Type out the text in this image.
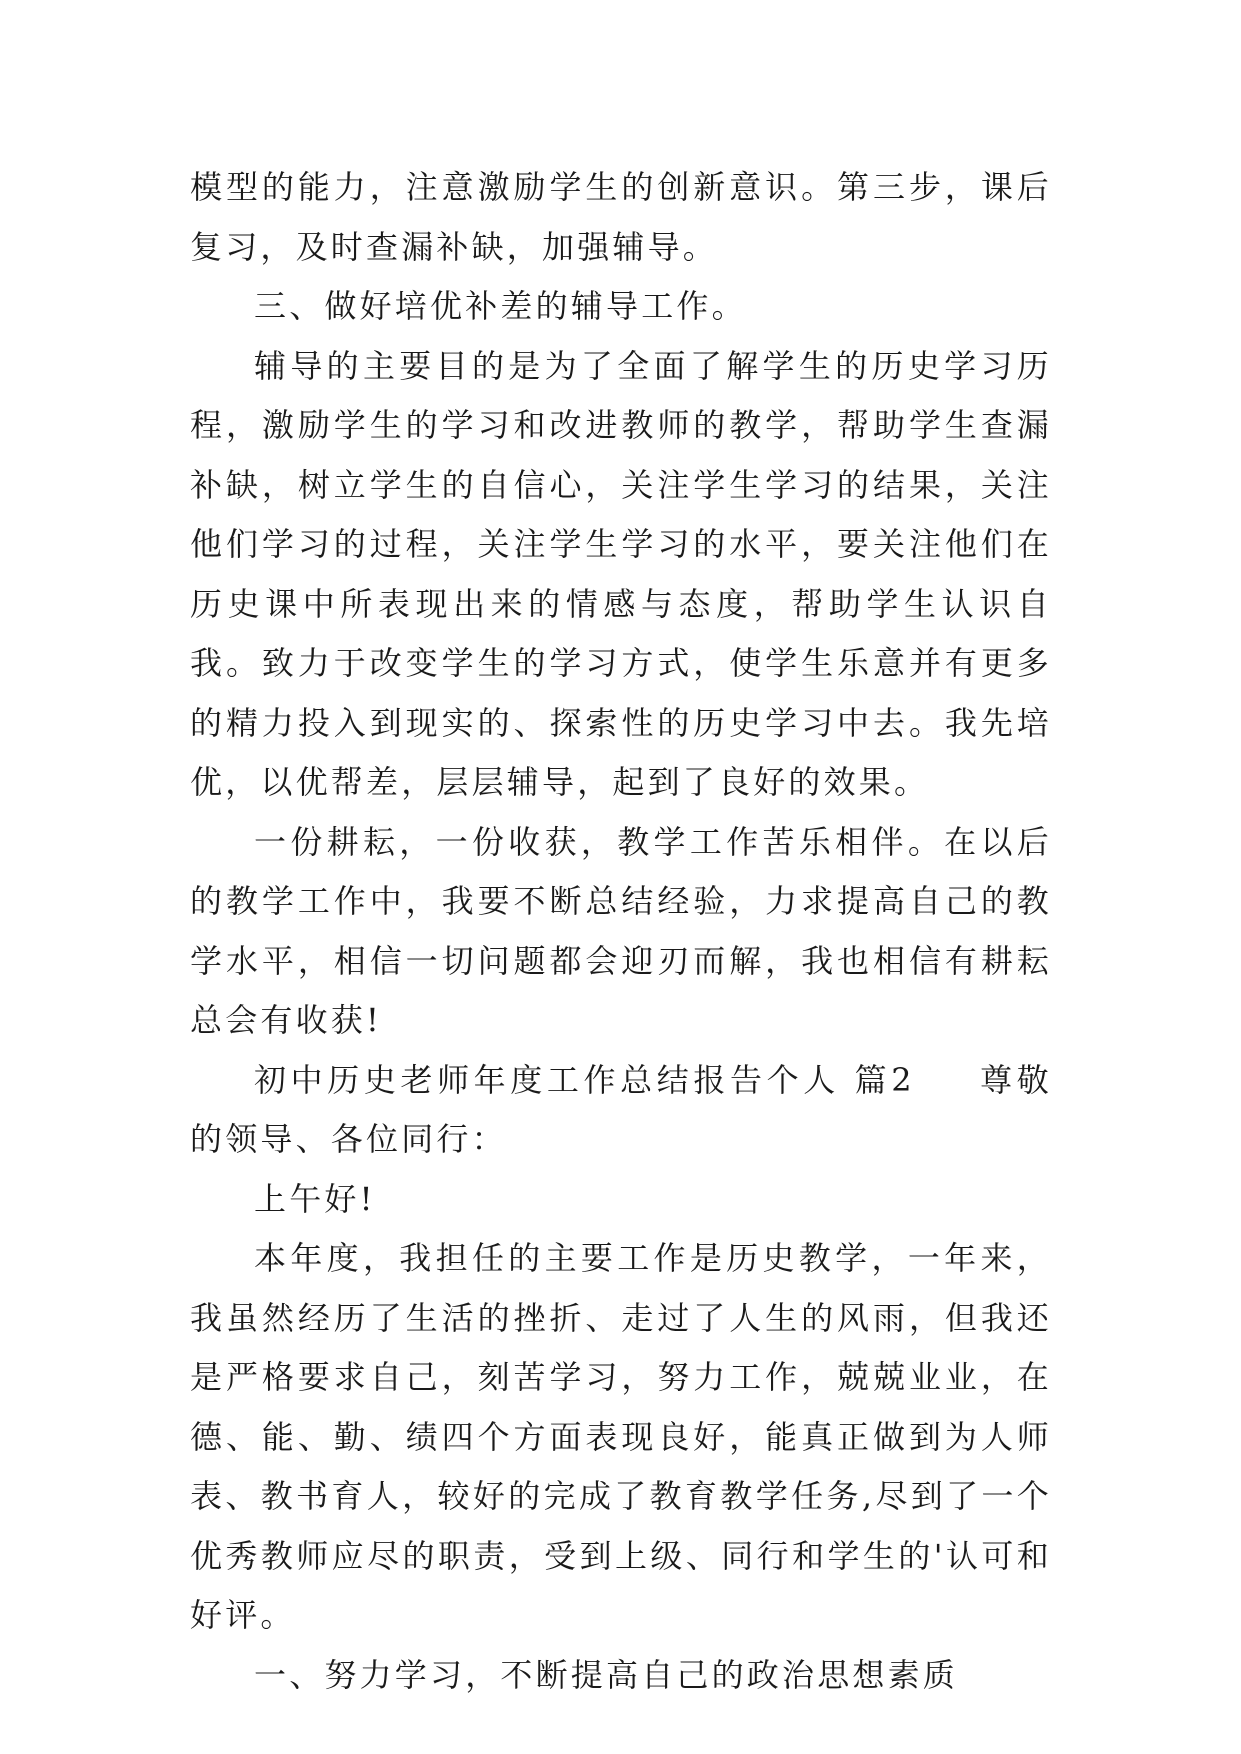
模型的能力，注意激励学生的创新意识。第三步，课后复习，及时查漏补缺，加强辅导。

三、做好培优补差的辅导工作。

辅导的主要目的是为了全面了解学生的历史学习历程，激励学生的学习和改进教师的教学，帮助学生查漏补缺，树立学生的自信心，关注学生学习的结果，关注他们学习的过程，关注学生学习的水平，要关注他们在历史课中所表现出来的情感与态度，帮助学生认识自我。致力于改变学生的学习方式，使学生乐意并有更多的精力投入到现实的、探索性的历史学习中去。我先培优，以优帮差，层层辅导，起到了良好的效果。

一份耕耘，一份收获，教学工作苦乐相伴。在以后的教学工作中，我要不断总结经验，力求提高自己的教学水平，相信一切问题都会迎刃而解，我也相信有耕耘总会有收获!

初中历史老师年度工作总结报告个人 篇2 尊敬的领导、各位同行：

上午好!

本年度，我担任的主要工作是历史教学，一年来，我虽然经历了生活的挫折、走过了人生的风雨，但我还是严格要求自己，刻苦学习，努力工作，兢兢业业，在德、能、勤、绩四个方面表现良好，能真正做到为人师表、教书育人，较好的完成了教育教学任务,尽到了一个优秀教师应尽的职责，受到上级、同行和学生的'认可和好评。

一、努力学习，不断提高自己的政治思想素质
